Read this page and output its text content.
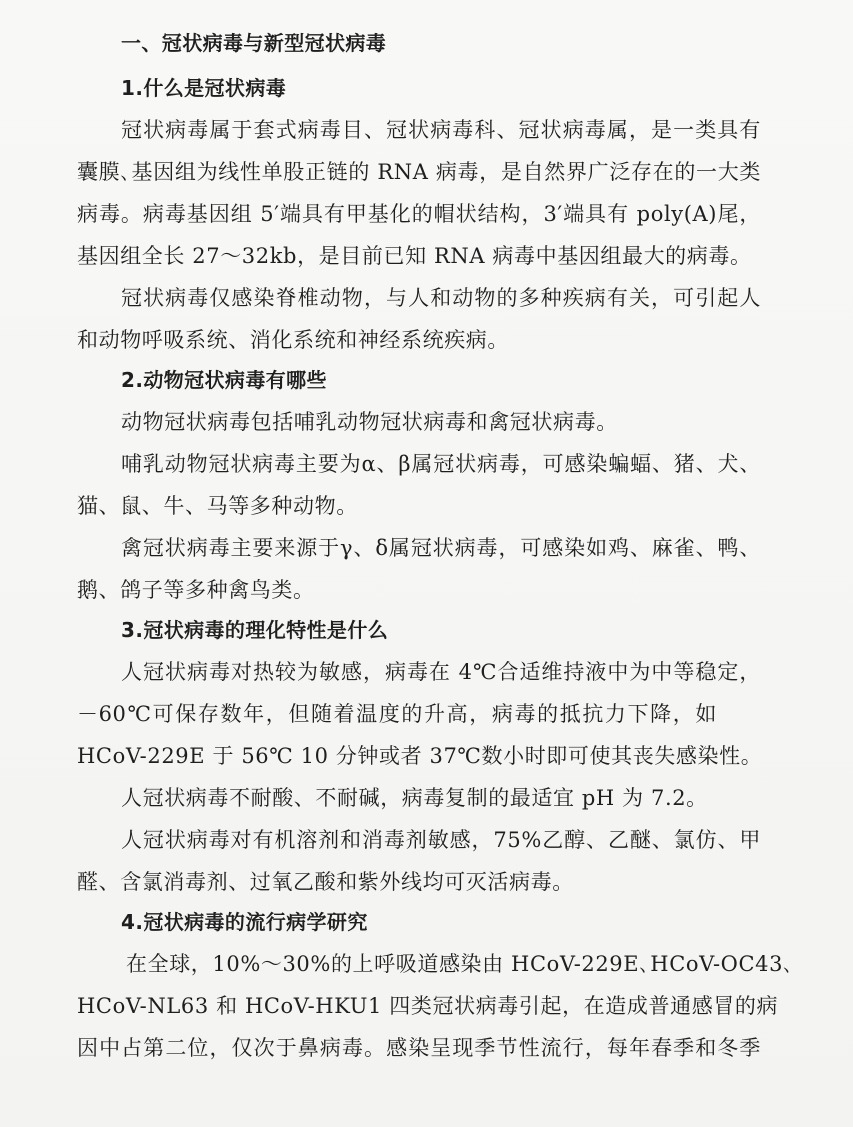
一、冠状病毒与新型冠状病毒
1.什么是冠状病毒
冠状病毒属于套式病毒目、冠状病毒科、冠状病毒属，是一类具有
囊膜､基因组为线性单股正链的 RNA 病毒，是自然界广泛存在的一大类
病毒。病毒基因组 5′端具有甲基化的帽状结构，3′端具有 poly(A)尾，
基因组全长 27～32kb，是目前已知 RNA 病毒中基因组最大的病毒。
冠状病毒仅感染脊椎动物，与人和动物的多种疾病有关，可引起人
和动物呼吸系统、消化系统和神经系统疾病。
2.动物冠状病毒有哪些
动物冠状病毒包括哺乳动物冠状病毒和禽冠状病毒。
哺乳动物冠状病毒主要为α、β属冠状病毒，可感染蝙蝠、猪、犬、
猫、鼠、牛、马等多种动物。
禽冠状病毒主要来源于γ、δ属冠状病毒，可感染如鸡、麻雀、鸭、
鹅、鸽子等多种禽鸟类。
3.冠状病毒的理化特性是什么
人冠状病毒对热较为敏感，病毒在 4℃合适维持液中为中等稳定，
－60℃可保存数年，但随着温度的升高，病毒的抵抗力下降，如
HCoV-229E 于 56℃ 10 分钟或者 37℃数小时即可使其丧失感染性。
人冠状病毒不耐酸、不耐碱，病毒复制的最适宜 pH 为 7.2。
人冠状病毒对有机溶剂和消毒剂敏感，75%乙醇、乙醚、氯仿、甲
醛、含氯消毒剂、过氧乙酸和紫外线均可灭活病毒。
4.冠状病毒的流行病学研究
在全球，10%～30%的上呼吸道感染由 HCoV-229E､HCoV-OC43､
HCoV-NL63 和 HCoV-HKU1 四类冠状病毒引起，在造成普通感冒的病
因中占第二位，仅次于鼻病毒。感染呈现季节性流行，每年春季和冬季
